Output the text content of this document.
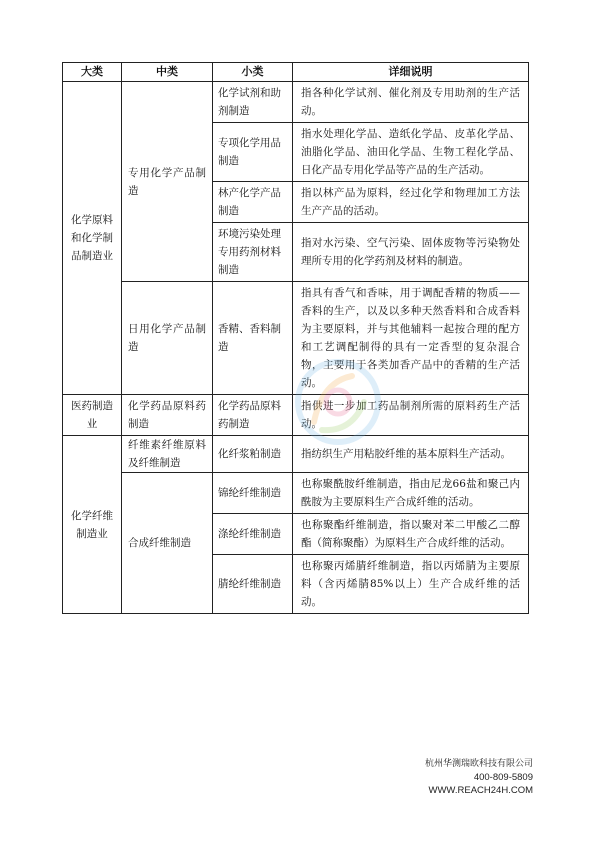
大类	中类	小类	详细说明
化学原料和化学制品制造业	专用化学产品制造	化学试剂和助剂制造	指各种化学试剂、催化剂及专用助剂的生产活动。
		专项化学用品制造	指水处理化学品、造纸化学品、皮革化学品、油脂化学品、油田化学品、生物工程化学品、日化产品专用化学品等产品的生产活动。
		林产化学产品制造	指以林产品为原料，经过化学和物理加工方法生产产品的活动。
		环境污染处理专用药剂材料制造	指对水污染、空气污染、固体废物等污染物处理所专用的化学药剂及材料的制造。
	日用化学产品制造	香精、香料制造	指具有香气和香味，用于调配香精的物质——香料的生产，以及以多种天然香料和合成香料为主要原料，并与其他辅料一起按合理的配方和工艺调配制得的具有一定香型的复杂混合物，主要用于各类加香产品中的香精的生产活动。
医药制造业	化学药品原料药制造	化学药品原料药制造	指供进一步加工药品制剂所需的原料药生产活动。
化学纤维制造业	纤维素纤维原料及纤维制造	化纤浆粕制造	指纺织生产用粘胶纤维的基本原料生产活动。
	合成纤维制造	锦纶纤维制造	也称聚酰胺纤维制造，指由尼龙66盐和聚己内酰胺为主要原料生产合成纤维的活动。
		涤纶纤维制造	也称聚酯纤维制造，指以聚对苯二甲酸乙二醇酯（简称聚酯）为原料生产合成纤维的活动。
		腈纶纤维制造	也称聚丙烯腈纤维制造，指以丙烯腈为主要原料（含丙烯腈85%以上）生产合成纤维的活动。
杭州华测瑞欧科技有限公司
400-809-5809
WWW.REACH24H.COM
